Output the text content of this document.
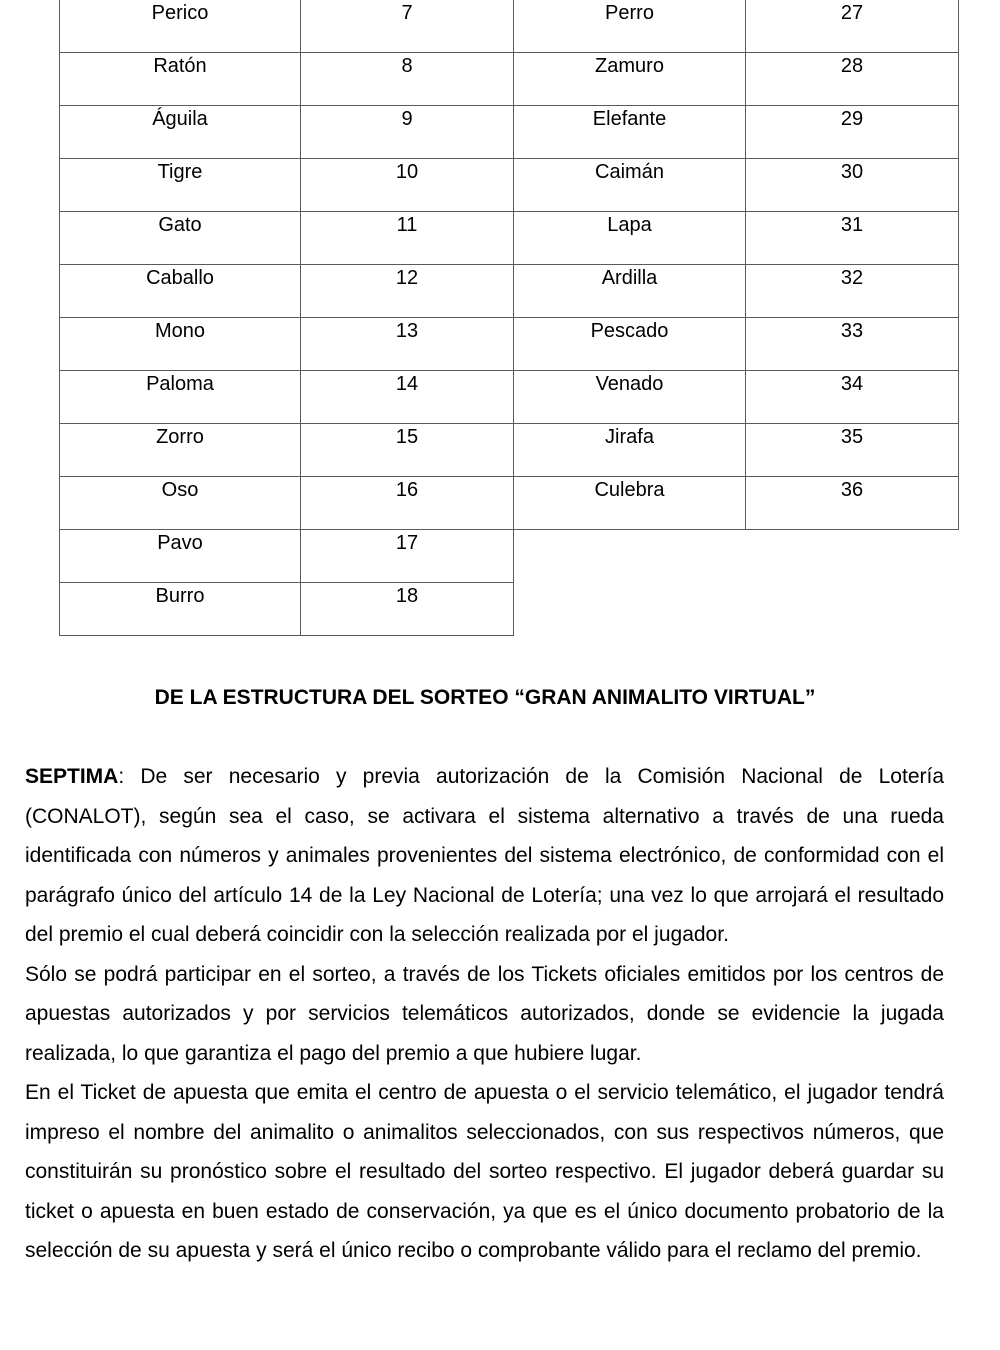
Perico	7	Perro	27

Ratón	8	Zamuro	28

Águila	9	Elefante	29

Tigre	10	Caimán	30

Gato	11	Lapa	31

Caballo	12	Ardilla	32

Mono	13	Pescado	33

Paloma	14	Venado	34

Zorro	15	Jirafa	35

Oso	16	Culebra	36

Pavo	17		

Burro	18		

DE LA ESTRUCTURA DEL SORTEO “GRAN ANIMALITO VIRTUAL”

SEPTIMA: De ser necesario y previa autorización de la Comisión Nacional de Lotería (CONALOT), según sea el caso, se activara el sistema alternativo a través de una rueda identificada con números y animales provenientes del sistema electrónico, de conformidad con el parágrafo único del artículo 14 de la Ley Nacional de Lotería; una vez lo que arrojará el resultado del premio el cual deberá coincidir con la selección realizada por el jugador.

Sólo se podrá participar en el sorteo, a través de los Tickets oficiales emitidos por los centros de apuestas autorizados y por servicios telemáticos autorizados, donde se evidencie la jugada realizada, lo que garantiza el pago del premio a que hubiere lugar.

En el Ticket de apuesta que emita el centro de apuesta o el servicio telemático, el jugador tendrá impreso el nombre del animalito o animalitos seleccionados, con sus respectivos números, que constituirán su pronóstico sobre el resultado del sorteo respectivo. El jugador deberá guardar su ticket o apuesta en buen estado de conservación, ya que es el único documento probatorio de la selección de su apuesta y será el único recibo o comprobante válido para el reclamo del premio.
